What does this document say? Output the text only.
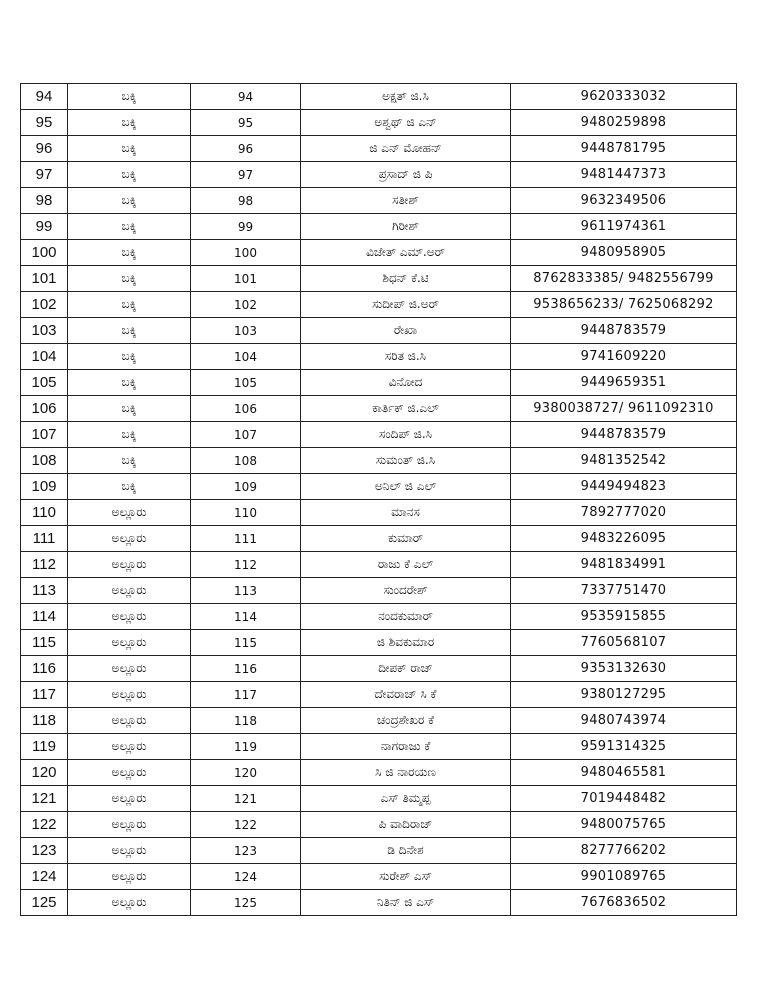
94	ಬಕ್ಕಿ	94	ಅಕ್ಷತ್ ಜಿ.ಸಿ	9620333032
95	ಬಕ್ಕಿ	95	ಅಶ್ವಥ್ ಜಿ ಎನ್	9480259898
96	ಬಕ್ಕಿ	96	ಜಿ ಎನ್ ಮೋಹನ್	9448781795
97	ಬಕ್ಕಿ	97	ಪ್ರಸಾದ್ ಜಿ ಪಿ	9481447373
98	ಬಕ್ಕಿ	98	ಸತೀಶ್	9632349506
99	ಬಕ್ಕಿ	99	ಗಿರೀಶ್	9611974361
100	ಬಕ್ಕಿ	100	ವಿಜೇತ್ ಎಮ್.ಅರ್	9480958905
101	ಬಕ್ಕಿ	101	ಶಿಧನ್ ಕೆ.ಟಿ	8762833385/ 9482556799
102	ಬಕ್ಕಿ	102	ಸುದೀಪ್ ಜಿ.ಅರ್	9538656233/ 7625068292
103	ಬಕ್ಕಿ	103	ರೇಖಾ	9448783579
104	ಬಕ್ಕಿ	104	ಸರಿತ ಜಿ.ಸಿ	9741609220
105	ಬಕ್ಕಿ	105	ವಿನೋದ	9449659351
106	ಬಕ್ಕಿ	106	ಕಾರ್ತಿಕ್ ಜಿ.ಎಲ್	9380038727/ 9611092310
107	ಬಕ್ಕಿ	107	ಸಂದಿಪ್ ಜಿ.ಸಿ	9448783579
108	ಬಕ್ಕಿ	108	ಸುಮಂತ್ ಜಿ.ಸಿ	9481352542
109	ಬಕ್ಕಿ	109	ಅನಿಲ್ ಜಿ ಎಲ್	9449494823
110	ಅಲ್ಲೂರು	110	ಮಾನಸ	7892777020
111	ಅಲ್ಲೂರು	111	ಕುಮಾರ್	9483226095
112	ಅಲ್ಲೂರು	112	ರಾಜು ಕೆ ಎಲ್	9481834991
113	ಅಲ್ಲೂರು	113	ಸುಂದರೇಶ್	7337751470
114	ಅಲ್ಲೂರು	114	ನಂದಕುಮಾರ್	9535915855
115	ಅಲ್ಲೂರು	115	ಜಿ ಶಿವಕುಮಾರ	7760568107
116	ಅಲ್ಲೂರು	116	ದೀಪಕ್ ರಾಜ್	9353132630
117	ಅಲ್ಲೂರು	117	ದೇವರಾಜ್ ಸಿ ಕೆ	9380127295
118	ಅಲ್ಲೂರು	118	ಚಂದ್ರಶೇಖರ ಕೆ	9480743974
119	ಅಲ್ಲೂರು	119	ನಾಗರಾಜು ಕೆ	9591314325
120	ಅಲ್ಲೂರು	120	ಸಿ ಜಿ ನಾರಯಣ	9480465581
121	ಅಲ್ಲೂರು	121	ಎಸ್ ತಿಮ್ಮಪ್ಪ	7019448482
122	ಅಲ್ಲೂರು	122	ಪಿ ವಾದಿರಾಜ್	9480075765
123	ಅಲ್ಲೂರು	123	ಡಿ ದಿನೇಶ	8277766202
124	ಅಲ್ಲೂರು	124	ಸುರೇಶ್ ಎಸ್	9901089765
125	ಅಲ್ಲೂರು	125	ನಿತಿನ್ ಜಿ ಎಸ್	7676836502
